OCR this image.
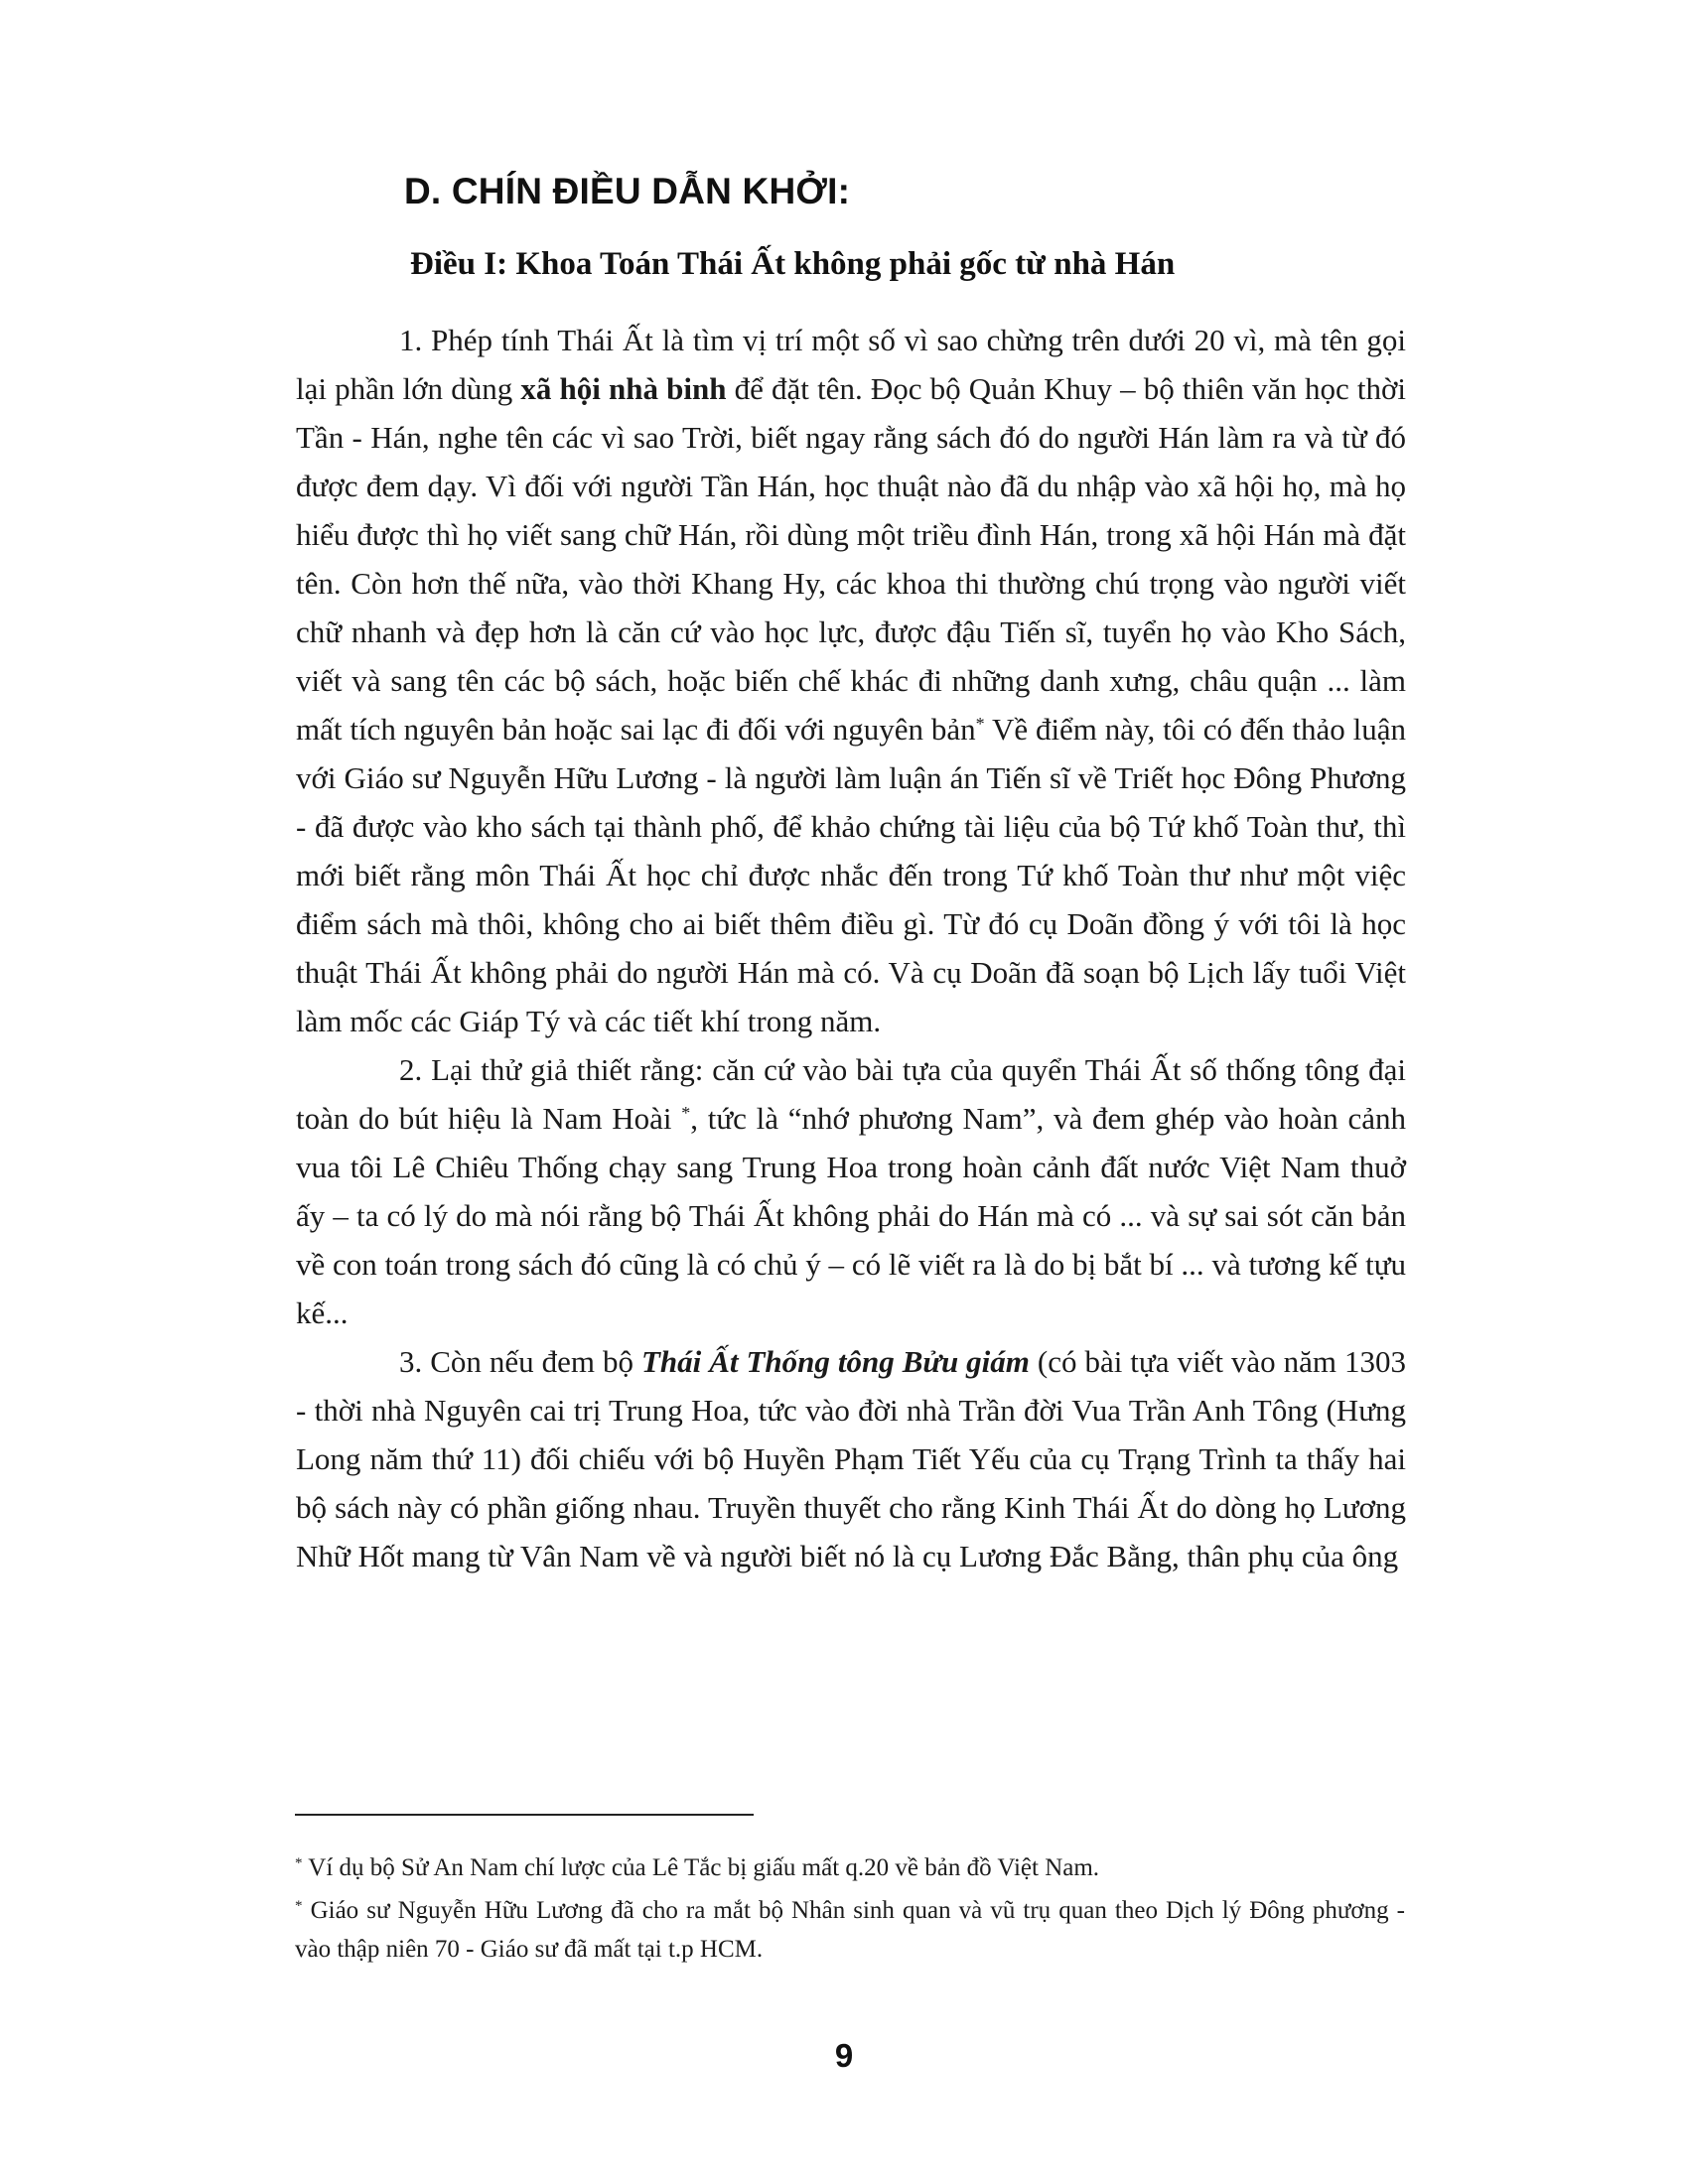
D. CHÍN ĐIỀU DẪN KHỞI:
Điều I: Khoa Toán Thái Ất không phải gốc từ nhà Hán

1. Phép tính Thái Ất là tìm vị trí một số vì sao chừng trên dưới 20 vì, mà tên gọi lại phần lớn dùng xã hội nhà binh để đặt tên. Đọc bộ Quản Khuy – bộ thiên văn học thời Tần - Hán, nghe tên các vì sao Trời, biết ngay rằng sách đó do người Hán làm ra và từ đó được đem dạy. Vì đối với người Tần Hán, học thuật nào đã du nhập vào xã hội họ, mà họ hiểu được thì họ viết sang chữ Hán, rồi dùng một triều đình Hán, trong xã hội Hán mà đặt tên. Còn hơn thế nữa, vào thời Khang Hy, các khoa thi thường chú trọng vào người viết chữ nhanh và đẹp hơn là căn cứ vào học lực, được đậu Tiến sĩ, tuyển họ vào Kho Sách, viết và sang tên các bộ sách, hoặc biến chế khác đi những danh xưng, châu quận ... làm mất tích nguyên bản hoặc sai lạc đi đối với nguyên bản* Về điểm này, tôi có đến thảo luận với Giáo sư Nguyễn Hữu Lương - là người làm luận án Tiến sĩ về Triết học Đông Phương - đã được vào kho sách tại thành phố, để khảo chứng tài liệu của bộ Tứ khố Toàn thư, thì mới biết rằng môn Thái Ất học chỉ được nhắc đến trong Tứ khố Toàn thư như một việc điểm sách mà thôi, không cho ai biết thêm điều gì. Từ đó cụ Doãn đồng ý với tôi là học thuật Thái Ất không phải do người Hán mà có. Và cụ Doãn đã soạn bộ Lịch lấy tuổi Việt làm mốc các Giáp Tý và các tiết khí trong năm.

2. Lại thử giả thiết rằng: căn cứ vào bài tựa của quyển Thái Ất số thống tông đại toàn do bút hiệu là Nam Hoài *, tức là “nhớ phương Nam”, và đem ghép vào hoàn cảnh vua tôi Lê Chiêu Thống chạy sang Trung Hoa trong hoàn cảnh đất nước Việt Nam thuở ấy – ta có lý do mà nói rằng bộ Thái Ất không phải do Hán mà có ... và sự sai sót căn bản về con toán trong sách đó cũng là có chủ ý – có lẽ viết ra là do bị bắt bí ... và tương kế tựu kế...

3. Còn nếu đem bộ Thái Ất Thống tông Bửu giám (có bài tựa viết vào năm 1303 - thời nhà Nguyên cai trị Trung Hoa, tức vào đời nhà Trần đời Vua Trần Anh Tông (Hưng Long năm thứ 11) đối chiếu với bộ Huyền Phạm Tiết Yếu của cụ Trạng Trình ta thấy hai bộ sách này có phần giống nhau. Truyền thuyết cho rằng Kinh Thái Ất do dòng họ Lương Nhữ Hốt mang từ Vân Nam về và người biết nó là cụ Lương Đắc Bằng, thân phụ của ông

* Ví dụ bộ Sử An Nam chí lược của Lê Tắc bị giấu mất q.20 về bản đồ Việt Nam.

* Giáo sư Nguyễn Hữu Lương đã cho ra mắt bộ Nhân sinh quan và vũ trụ quan theo Dịch lý Đông phương - vào thập niên 70 - Giáo sư đã mất tại t.p HCM.

9
